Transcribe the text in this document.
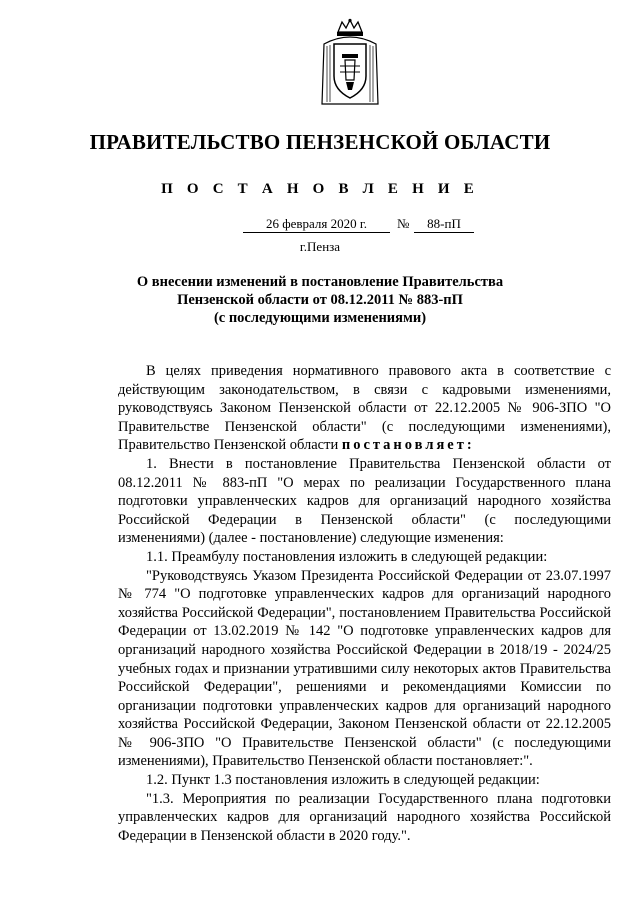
ПРАВИТЕЛЬСТВО ПЕНЗЕНСКОЙ ОБЛАСТИ
П О С Т А Н О В Л Е Н И Е
26 февраля 2020 г.	№	88-пП
г.Пенза
О внесении изменений в постановление Правительства
Пензенской области от 08.12.2011 № 883-пП
(с последующими изменениями)

В целях приведения нормативного правового акта в соответствие с действующим законодательством, в связи с кадровыми изменениями, руководствуясь Законом Пензенской области от 22.12.2005 № 906-ЗПО "О Правительстве Пензенской области" (с последующими изменениями), Правительство Пензенской области постановляет:

1. Внести в постановление Правительства Пензенской области от 08.12.2011 № 883-пП "О мерах по реализации Государственного плана подготовки управленческих кадров для организаций народного хозяйства Российской Федерации в Пензенской области" (с последующими изменениями) (далее - постановление) следующие изменения:

1.1. Преамбулу постановления изложить в следующей редакции:

"Руководствуясь Указом Президента Российской Федерации от 23.07.1997 № 774 "О подготовке управленческих кадров для организаций народного хозяйства Российской Федерации", постановлением Правительства Российской Федерации от 13.02.2019 № 142 "О подготовке управленческих кадров для организаций народного хозяйства Российской Федерации в 2018/19 - 2024/25 учебных годах и признании утратившими силу некоторых актов Правительства Российской Федерации", решениями и рекомендациями Комиссии по организации подготовки управленческих кадров для организаций народного хозяйства Российской Федерации, Законом Пензенской области от 22.12.2005 № 906-ЗПО "О Правительстве Пензенской области" (с последующими изменениями), Правительство Пензенской области постановляет:".

1.2. Пункт 1.3 постановления изложить в следующей редакции:

"1.3. Мероприятия по реализации Государственного плана подготовки управленческих кадров для организаций народного хозяйства Российской Федерации в Пензенской области в 2020 году.".
